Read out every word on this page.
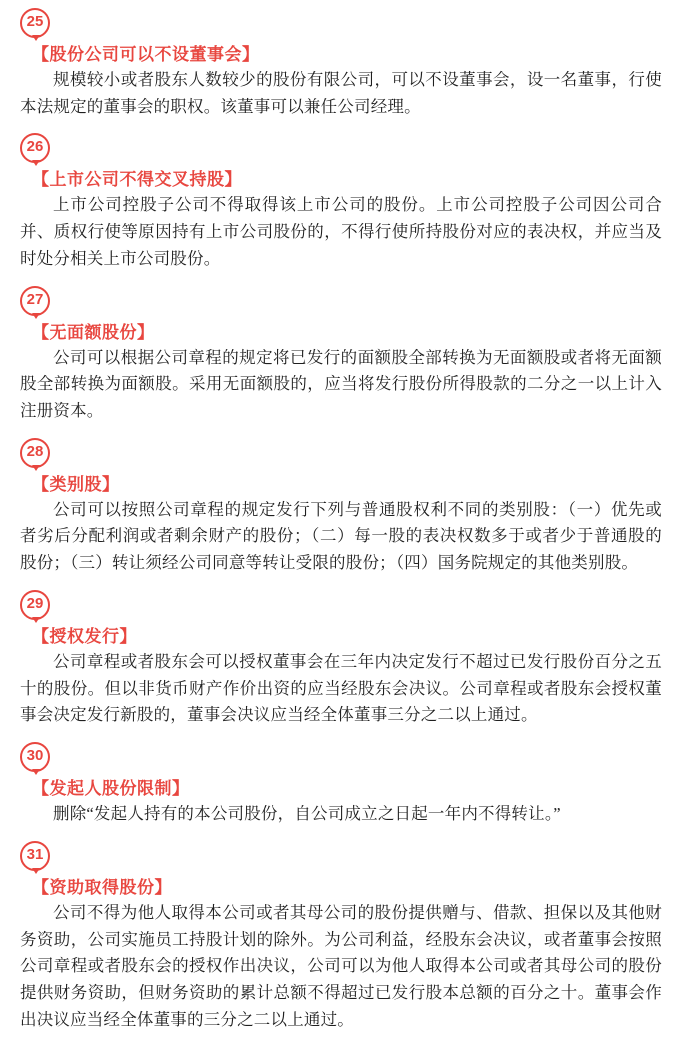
25
【股份公司可以不设董事会】
规模较小或者股东人数较少的股份有限公司，可以不设董事会，设一名董事，行使本法规定的董事会的职权。该董事可以兼任公司经理。
26
【上市公司不得交叉持股】
上市公司控股子公司不得取得该上市公司的股份。上市公司控股子公司因公司合并、质权行使等原因持有上市公司股份的，不得行使所持股份对应的表决权，并应当及时处分相关上市公司股份。
27
【无面额股份】
公司可以根据公司章程的规定将已发行的面额股全部转换为无面额股或者将无面额股全部转换为面额股。采用无面额股的，应当将发行股份所得股款的二分之一以上计入注册资本。
28
【类别股】
公司可以按照公司章程的规定发行下列与普通股权利不同的类别股：（一）优先或者劣后分配利润或者剩余财产的股份；（二）每一股的表决权数多于或者少于普通股的股份；（三）转让须经公司同意等转让受限的股份；（四）国务院规定的其他类别股。
29
【授权发行】
公司章程或者股东会可以授权董事会在三年内决定发行不超过已发行股份百分之五十的股份。但以非货币财产作价出资的应当经股东会决议。公司章程或者股东会授权董事会决定发行新股的，董事会决议应当经全体董事三分之二以上通过。
30
【发起人股份限制】
删除“发起人持有的本公司股份，自公司成立之日起一年内不得转让。”
31
【资助取得股份】
公司不得为他人取得本公司或者其母公司的股份提供赠与、借款、担保以及其他财务资助，公司实施员工持股计划的除外。为公司利益，经股东会决议，或者董事会按照公司章程或者股东会的授权作出决议，公司可以为他人取得本公司或者其母公司的股份提供财务资助，但财务资助的累计总额不得超过已发行股本总额的百分之十。董事会作出决议应当经全体董事的三分之二以上通过。
